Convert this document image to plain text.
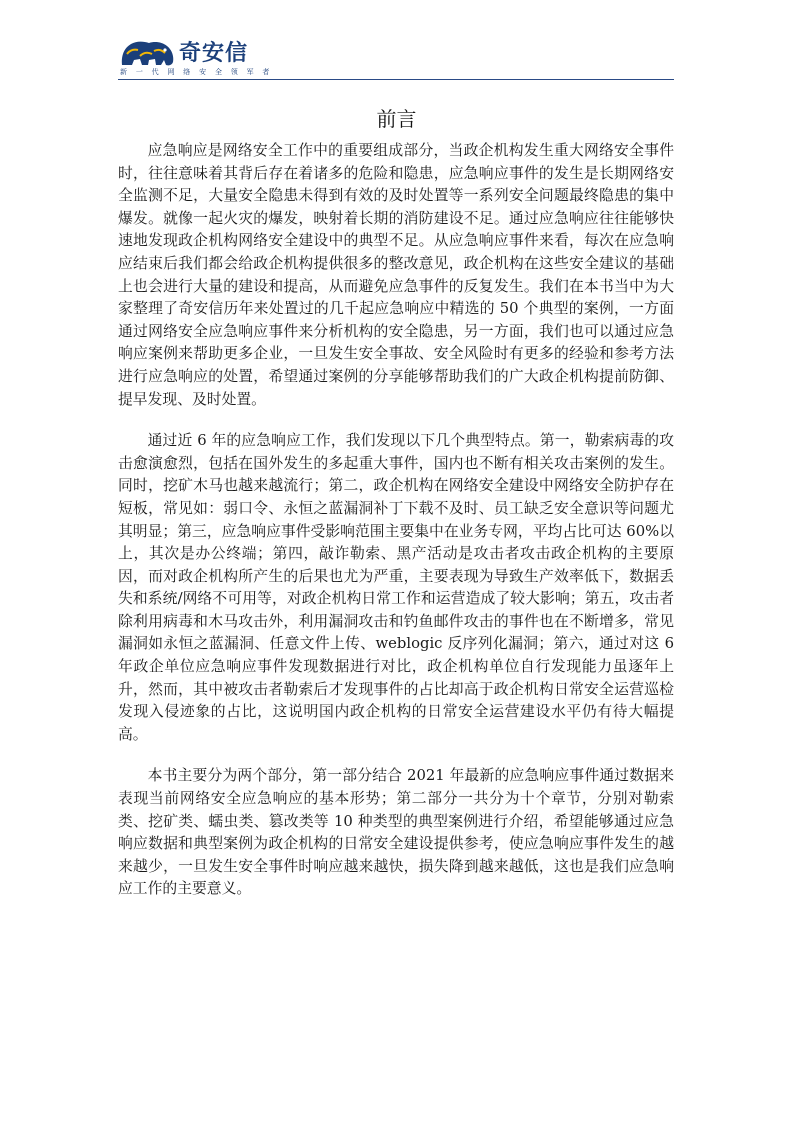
奇安信
新 一 代 网 络 安 全 领 军 者
前言

应急响应是网络安全工作中的重要组成部分，当政企机构发生重大网络安全事件时，往往意味着其背后存在着诸多的危险和隐患，应急响应事件的发生是长期网络安全监测不足，大量安全隐患未得到有效的及时处置等一系列安全问题最终隐患的集中爆发。就像一起火灾的爆发，映射着长期的消防建设不足。通过应急响应往往能够快速地发现政企机构网络安全建设中的典型不足。从应急响应事件来看，每次在应急响应结束后我们都会给政企机构提供很多的整改意见，政企机构在这些安全建议的基础上也会进行大量的建设和提高，从而避免应急事件的反复发生。我们在本书当中为大家整理了奇安信历年来处置过的几千起应急响应中精选的 50 个典型的案例，一方面通过网络安全应急响应事件来分析机构的安全隐患，另一方面，我们也可以通过应急响应案例来帮助更多企业，一旦发生安全事故、安全风险时有更多的经验和参考方法进行应急响应的处置，希望通过案例的分享能够帮助我们的广大政企机构提前防御、提早发现、及时处置。

通过近 6 年的应急响应工作，我们发现以下几个典型特点。第一，勒索病毒的攻击愈演愈烈，包括在国外发生的多起重大事件，国内也不断有相关攻击案例的发生。同时，挖矿木马也越来越流行；第二，政企机构在网络安全建设中网络安全防护存在短板，常见如：弱口令、永恒之蓝漏洞补丁下载不及时、员工缺乏安全意识等问题尤其明显；第三，应急响应事件受影响范围主要集中在业务专网，平均占比可达 60%以上，其次是办公终端；第四，敲诈勒索、黑产活动是攻击者攻击政企机构的主要原因，而对政企机构所产生的后果也尤为严重，主要表现为导致生产效率低下，数据丢失和系统/网络不可用等，对政企机构日常工作和运营造成了较大影响；第五，攻击者除利用病毒和木马攻击外，利用漏洞攻击和钓鱼邮件攻击的事件也在不断增多，常见漏洞如永恒之蓝漏洞、任意文件上传、weblogic 反序列化漏洞；第六，通过对这 6 年政企单位应急响应事件发现数据进行对比，政企机构单位自行发现能力虽逐年上升，然而，其中被攻击者勒索后才发现事件的占比却高于政企机构日常安全运营巡检发现入侵迹象的占比，这说明国内政企机构的日常安全运营建设水平仍有待大幅提高。

本书主要分为两个部分，第一部分结合 2021 年最新的应急响应事件通过数据来表现当前网络安全应急响应的基本形势；第二部分一共分为十个章节，分别对勒索类、挖矿类、蠕虫类、篡改类等 10 种类型的典型案例进行介绍，希望能够通过应急响应数据和典型案例为政企机构的日常安全建设提供参考，使应急响应事件发生的越来越少，一旦发生安全事件时响应越来越快，损失降到越来越低，这也是我们应急响应工作的主要意义。
